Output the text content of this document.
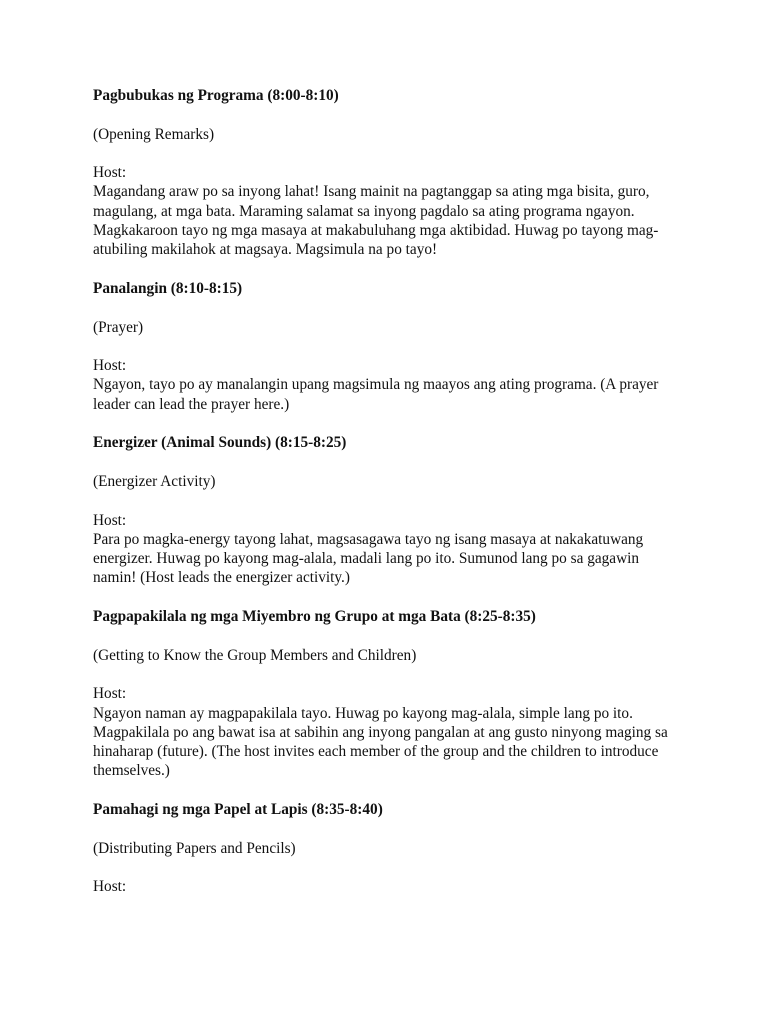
Pagbubukas ng Programa (8:00-8:10)
(Opening Remarks)
Host:
Magandang araw po sa inyong lahat! Isang mainit na pagtanggap sa ating mga bisita, guro, magulang, at mga bata. Maraming salamat sa inyong pagdalo sa ating programa ngayon. Magkakaroon tayo ng mga masaya at makabuluhang mga aktibidad. Huwag po tayong mag-atubiling makilahok at magsaya. Magsimula na po tayo!
Panalangin (8:10-8:15)
(Prayer)
Host:
Ngayon, tayo po ay manalangin upang magsimula ng maayos ang ating programa. (A prayer leader can lead the prayer here.)
Energizer (Animal Sounds) (8:15-8:25)
(Energizer Activity)
Host:
Para po magka-energy tayong lahat, magsasagawa tayo ng isang masaya at nakakatuwang energizer. Huwag po kayong mag-alala, madali lang po ito. Sumunod lang po sa gagawin namin! (Host leads the energizer activity.)
Pagpapakilala ng mga Miyembro ng Grupo at mga Bata (8:25-8:35)
(Getting to Know the Group Members and Children)
Host:
Ngayon naman ay magpapakilala tayo. Huwag po kayong mag-alala, simple lang po ito. Magpakilala po ang bawat isa at sabihin ang inyong pangalan at ang gusto ninyong maging sa hinaharap (future). (The host invites each member of the group and the children to introduce themselves.)
Pamahagi ng mga Papel at Lapis (8:35-8:40)
(Distributing Papers and Pencils)
Host:
